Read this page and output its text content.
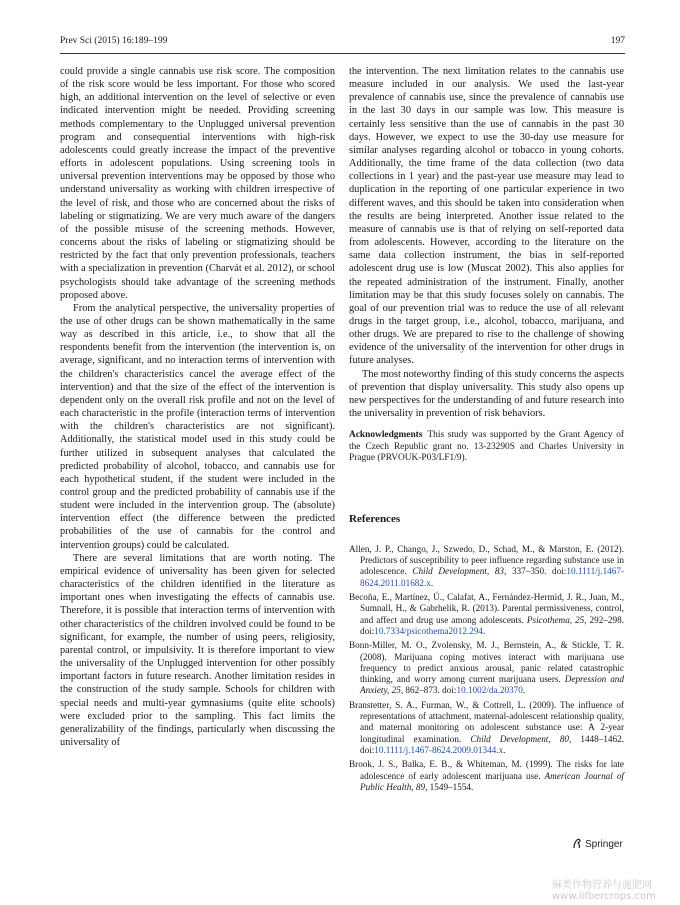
Prev Sci (2015) 16:189–199	197

could provide a single cannabis use risk score. The composition of the risk score would be less important. For those who scored high, an additional intervention on the level of selective or even indicated intervention might be needed. Providing screening methods complementary to the Unplugged universal prevention program and consequential interventions with high-risk adolescents could greatly increase the impact of the preventive efforts in adolescent populations. Using screening tools in universal prevention interventions may be opposed by those who understand universality as working with children irrespective of the level of risk, and those who are concerned about the risks of labeling or stigmatizing. We are very much aware of the dangers of the possible misuse of the screening methods. However, concerns about the risks of labeling or stigmatizing should be restricted by the fact that only prevention professionals, teachers with a specialization in prevention (Charvát et al. 2012), or school psychologists should take advantage of the screening methods proposed above.

From the analytical perspective, the universality properties of the use of other drugs can be shown mathematically in the same way as described in this article, i.e., to show that all the respondents benefit from the intervention (the intervention is, on average, significant, and no interaction terms of intervention with the children's characteristics cancel the average effect of the intervention) and that the size of the effect of the intervention is dependent only on the overall risk profile and not on the level of each characteristic in the profile (interaction terms of intervention with the children's characteristics are not significant). Additionally, the statistical model used in this study could be further utilized in subsequent analyses that calculated the predicted probability of alcohol, tobacco, and cannabis use for each hypothetical student, if the student were included in the control group and the predicted probability of cannabis use if the student were included in the intervention group. The (absolute) intervention effect (the difference between the predicted probabilities of the use of cannabis for the control and intervention groups) could be calculated.

There are several limitations that are worth noting. The empirical evidence of universality has been given for selected characteristics of the children identified in the literature as important ones when investigating the effects of cannabis use. Therefore, it is possible that interaction terms of intervention with other characteristics of the children involved could be found to be significant, for example, the number of using peers, religiosity, parental control, or impulsivity. It is therefore important to view the universality of the Unplugged intervention for other possibly important factors in future research. Another limitation resides in the construction of the study sample. Schools for children with special needs and multi-year gymnasiums (quite elite schools) were excluded prior to the sampling. This fact limits the generalizability of the findings, particularly when discussing the universality of

the intervention. The next limitation relates to the cannabis use measure included in our analysis. We used the last-year prevalence of cannabis use, since the prevalence of cannabis use in the last 30 days in our sample was low. This measure is certainly less sensitive than the use of cannabis in the past 30 days. However, we expect to use the 30-day use measure for similar analyses regarding alcohol or tobacco in young cohorts. Additionally, the time frame of the data collection (two data collections in 1 year) and the past-year use measure may lead to duplication in the reporting of one particular experience in two different waves, and this should be taken into consideration when the results are being interpreted. Another issue related to the measure of cannabis use is that of relying on self-reported data from adolescents. However, according to the literature on the same data collection instrument, the bias in self-reported adolescent drug use is low (Muscat 2002). This also applies for the repeated administration of the instrument. Finally, another limitation may be that this study focuses solely on cannabis. The goal of our prevention trial was to reduce the use of all relevant drugs in the target group, i.e., alcohol, tobacco, marijuana, and other drugs. We are prepared to rise to the challenge of showing evidence of the universality of the intervention for other drugs in future analyses.

The most noteworthy finding of this study concerns the aspects of prevention that display universality. This study also opens up new perspectives for the understanding of and future research into the universality in prevention of risk behaviors.

Acknowledgments This study was supported by the Grant Agency of the Czech Republic grant no. 13-23290S and Charles University in Prague (PRVOUK-P03/LF1/9).
References
Allen, J. P., Chango, J., Szwedo, D., Schad, M., & Marston, E. (2012). Predictors of susceptibility to peer influence regarding substance use in adolescence. Child Development, 83, 337–350. doi:10.1111/j.1467-8624.2011.01682.x.
Becoña, E., Martínez, Ú., Calafat, A., Fernández-Hermid, J. R., Juan, M., Sumnall, H., & Gabrhelik, R. (2013). Parental permissiveness, control, and affect and drug use among adolescents. Psicothema, 25, 292–298. doi:10.7334/psicothema2012.294.
Bonn-Miller, M. O., Zvolensky, M. J., Bernstein, A., & Stickle, T. R. (2008). Marijuana coping motives interact with marijuana use frequency to predict anxious arousal, panic related catastrophic thinking, and worry among current marijuana users. Depression and Anxiety, 25, 862–873. doi:10.1002/da.20370.
Branstetter, S. A., Furman, W., & Cottrell, L. (2009). The influence of representations of attachment, maternal-adolescent relationship quality, and maternal monitoring on adolescent substance use: A 2-year longitudinal examination. Child Development, 80, 1448–1462. doi:10.1111/j.1467-8624.2009.01344.x.
Brook, J. S., Balka, E. B., & Whiteman, M. (1999). The risks for late adolescence of early adolescent marijuana use. American Journal of Public Health, 89, 1549–1554.
Springer
麻类作物营养与施肥网 www.lifbercrops.com
